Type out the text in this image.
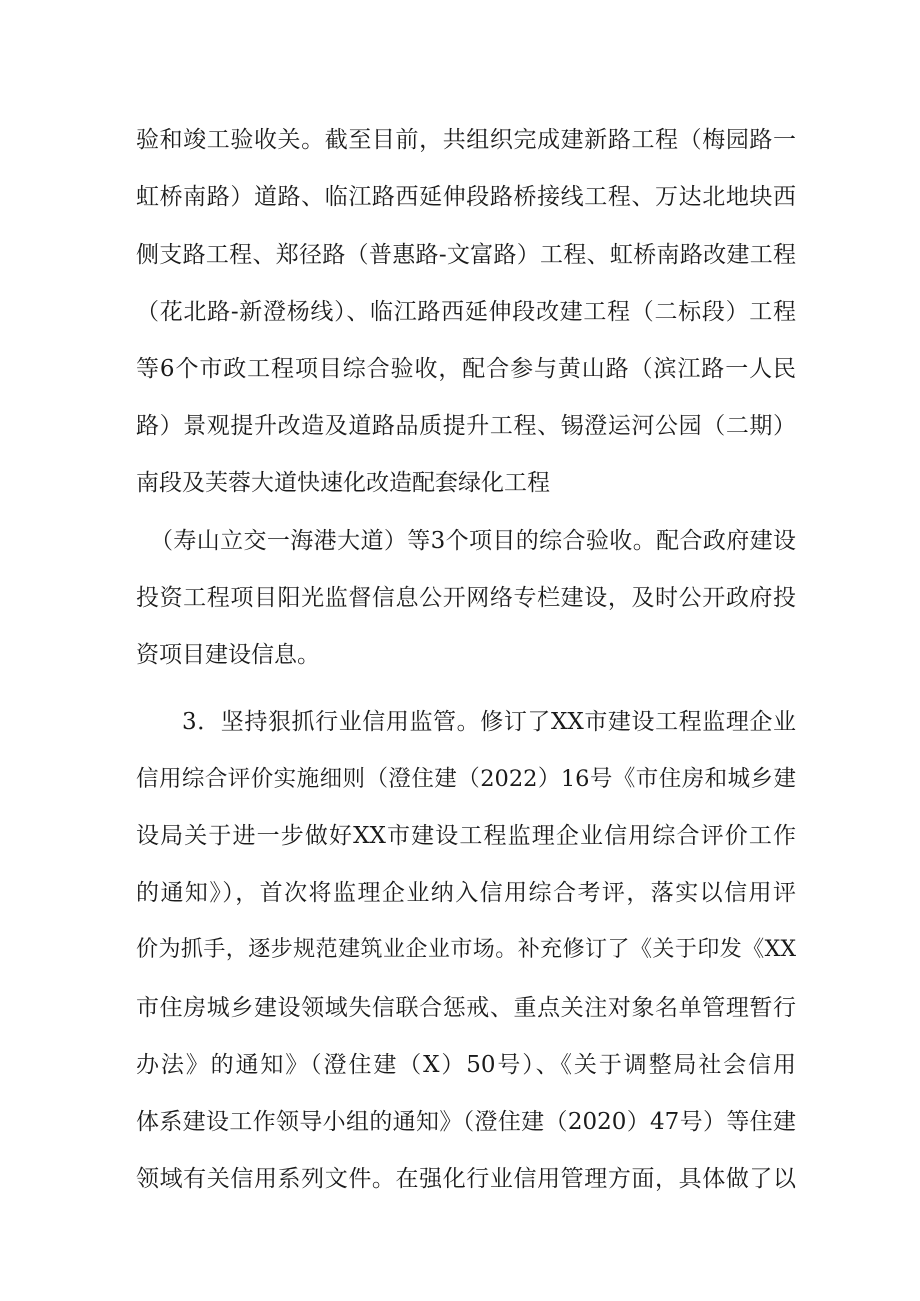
验和竣工验收关。截至目前，共组织完成建新路工程（梅园路一
虹桥南路）道路、临江路西延伸段路桥接线工程、万达北地块西
侧支路工程、郑径路（普惠路-文富路）工程、虹桥南路改建工程
（花北路-新澄杨线）、临江路西延伸段改建工程（二标段）工程
等6个市政工程项目综合验收，配合参与黄山路（滨江路一人民
路）景观提升改造及道路品质提升工程、锡澄运河公园（二期）
南段及芙蓉大道快速化改造配套绿化工程
（寿山立交一海港大道）等3个项目的综合验收。配合政府建设
投资工程项目阳光监督信息公开网络专栏建设，及时公开政府投
资项目建设信息。
3．坚持狠抓行业信用监管。修订了XX市建设工程监理企业
信用综合评价实施细则（澄住建（2022）16号《市住房和城乡建
设局关于进一步做好XX市建设工程监理企业信用综合评价工作
的通知》），首次将监理企业纳入信用综合考评，落实以信用评
价为抓手，逐步规范建筑业企业市场。补充修订了《关于印发《XX
市住房城乡建设领域失信联合惩戒、重点关注对象名单管理暂行
办法》的通知》（澄住建（X）50号）、《关于调整局社会信用
体系建设工作领导小组的通知》（澄住建（2020）47号）等住建
领域有关信用系列文件。在强化行业信用管理方面，具体做了以
